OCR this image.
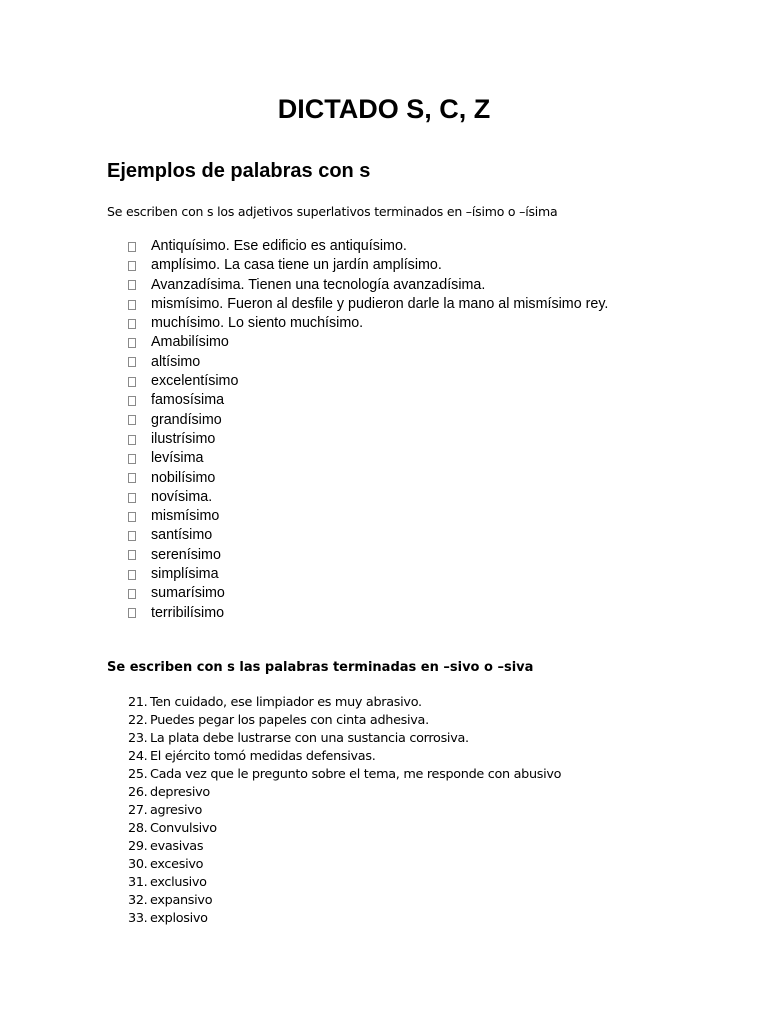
DICTADO S, C, Z
Ejemplos de palabras con s

Se escriben con s los adjetivos superlativos terminados en –ísimo o –ísima

Antiquísimo. Ese edificio es antiquísimo.
amplísimo. La casa tiene un jardín amplísimo.
Avanzadísima. Tienen una tecnología avanzadísima.
mismísimo. Fueron al desfile y pudieron darle la mano al mismísimo rey.
muchísimo. Lo siento muchísimo.
Amabilísimo
altísimo
excelentísimo
famosísima
grandísimo
ilustrísimo
levísima
nobilísimo
novísima.
mismísimo
santísimo
serenísimo
simplísima
sumarísimo
terribilísimo

Se escriben con s las palabras terminadas en –sivo o –siva

21. Ten cuidado, ese limpiador es muy abrasivo.
22. Puedes pegar los papeles con cinta adhesiva.
23. La plata debe lustrarse con una sustancia corrosiva.
24. El ejército tomó medidas defensivas.
25. Cada vez que le pregunto sobre el tema, me responde con abusivo
26. depresivo
27. agresivo
28. Convulsivo
29. evasivas
30. excesivo
31. exclusivo
32. expansivo
33. explosivo
